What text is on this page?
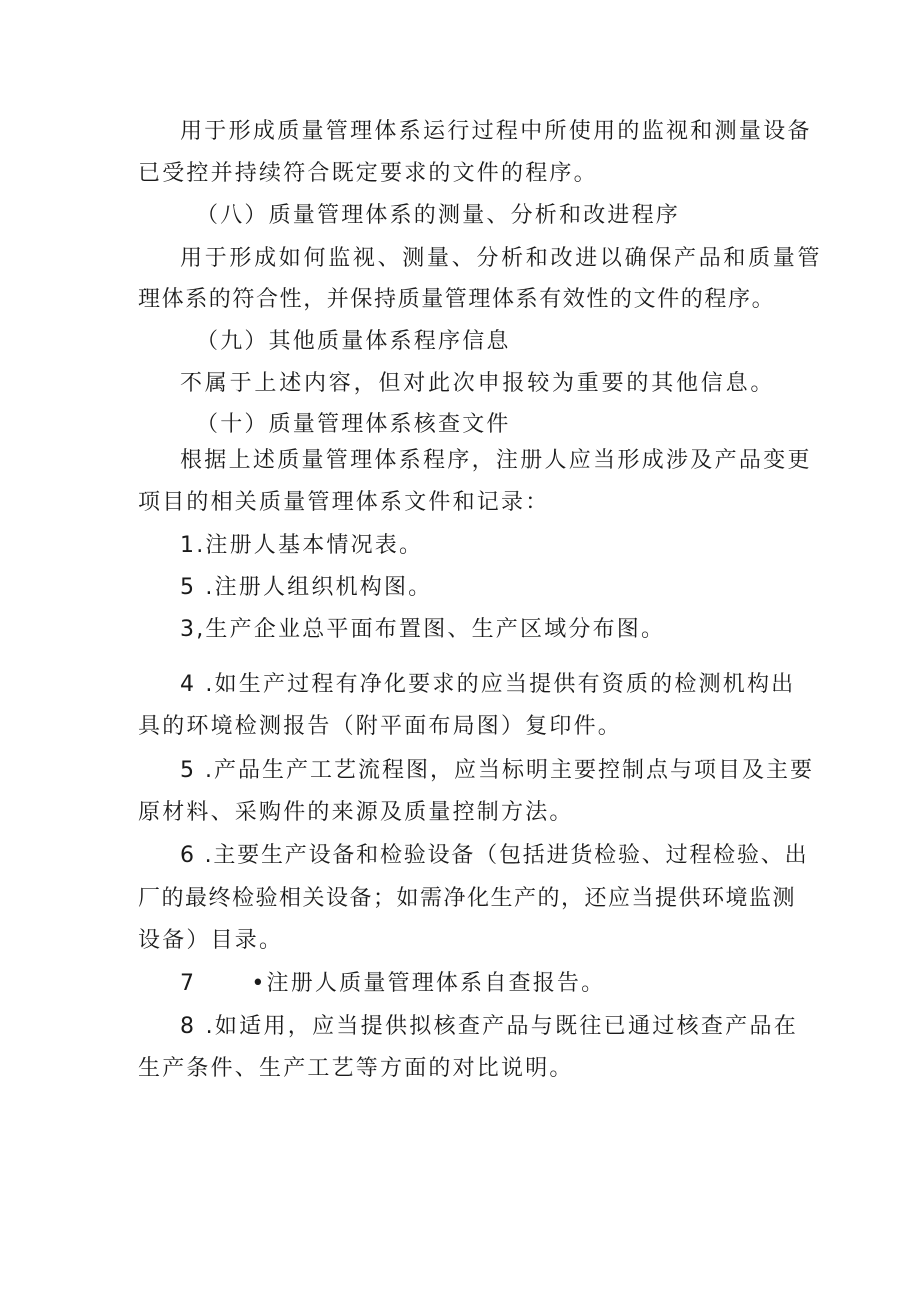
用于形成质量管理体系运行过程中所使用的监视和测量设备
已受控并持续符合既定要求的文件的程序。
（八）质量管理体系的测量、分析和改进程序
用于形成如何监视、测量、分析和改进以确保产品和质量管
理体系的符合性，并保持质量管理体系有效性的文件的程序。
（九）其他质量体系程序信息
不属于上述内容，但对此次申报较为重要的其他信息。
（十）质量管理体系核查文件
根据上述质量管理体系程序，注册人应当形成涉及产品变更
项目的相关质量管理体系文件和记录：
1.注册人基本情况表。
5 .注册人组织机构图。
3,生产企业总平面布置图、生产区域分布图。
4 .如生产过程有净化要求的应当提供有资质的检测机构出
具的环境检测报告（附平面布局图）复印件。
5 .产品生产工艺流程图，应当标明主要控制点与项目及主要
原材料、采购件的来源及质量控制方法。
6 .主要生产设备和检验设备（包括进货检验、过程检验、出
厂的最终检验相关设备；如需净化生产的，还应当提供环境监测
设备）目录。
7      •注册人质量管理体系自查报告。
8 .如适用，应当提供拟核查产品与既往已通过核查产品在
生产条件、生产工艺等方面的对比说明。
